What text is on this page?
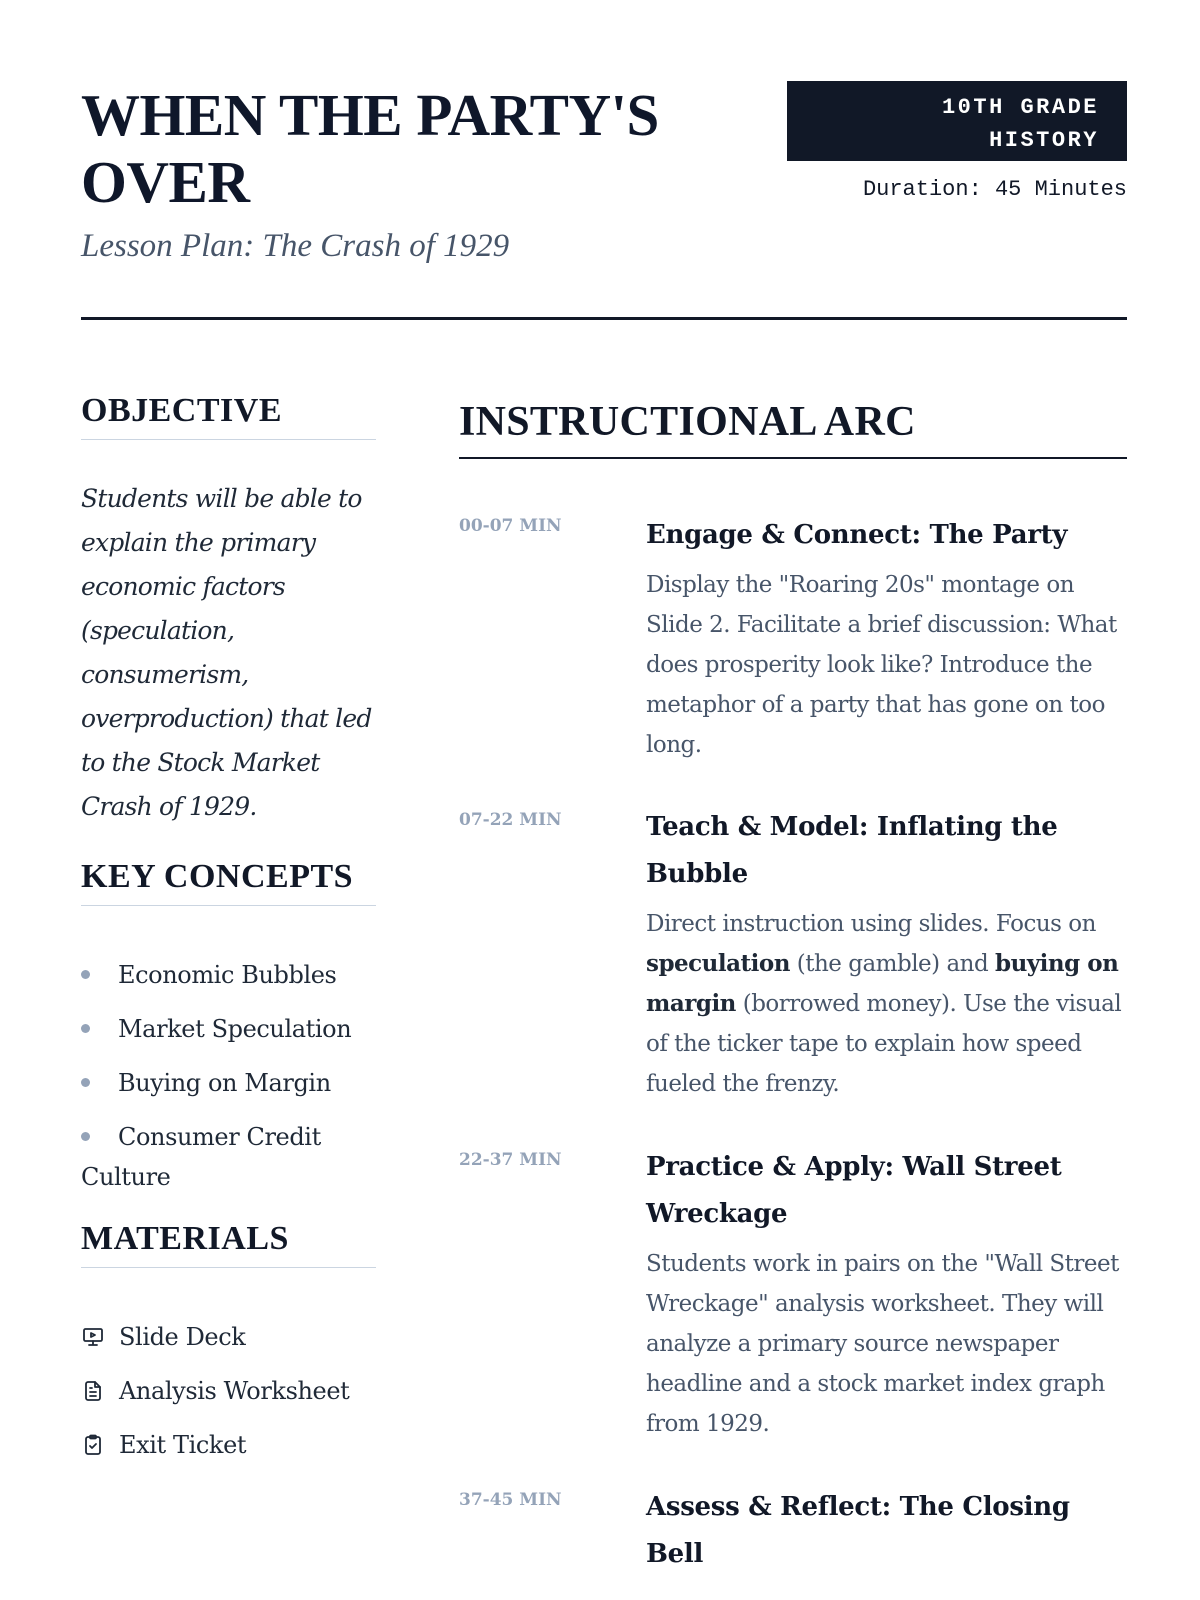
WHEN THE PARTY'S OVER

Lesson Plan: The Crash of 1929

10TH GRADE
HISTORY
Duration: 45 Minutes
OBJECTIVE

Students will be able to explain the primary economic factors (speculation, consumerism, overproduction) that led to the Stock Market Crash of 1929.

KEY CONCEPTS
Economic Bubbles
Market Speculation
Buying on Margin
Consumer Credit Culture
MATERIALS
Slide Deck
Analysis Worksheet
Exit Ticket
INSTRUCTIONAL ARC
00-07 MIN	Engage & Connect: The Party

Display the "Roaring 20s" montage on Slide 2. Facilitate a brief discussion: What does prosperity look like? Introduce the metaphor of a party that has gone on too long.

07-22 MIN	Teach & Model: Inflating the Bubble

Direct instruction using slides. Focus on speculation (the gamble) and buying on margin (borrowed money). Use the visual of the ticker tape to explain how speed fueled the frenzy.

22-37 MIN	Practice & Apply: Wall Street Wreckage

Students work in pairs on the "Wall Street Wreckage" analysis worksheet. They will analyze a primary source newspaper headline and a stock market index graph from 1929.

37-45 MIN	Assess & Reflect: The Closing Bell
